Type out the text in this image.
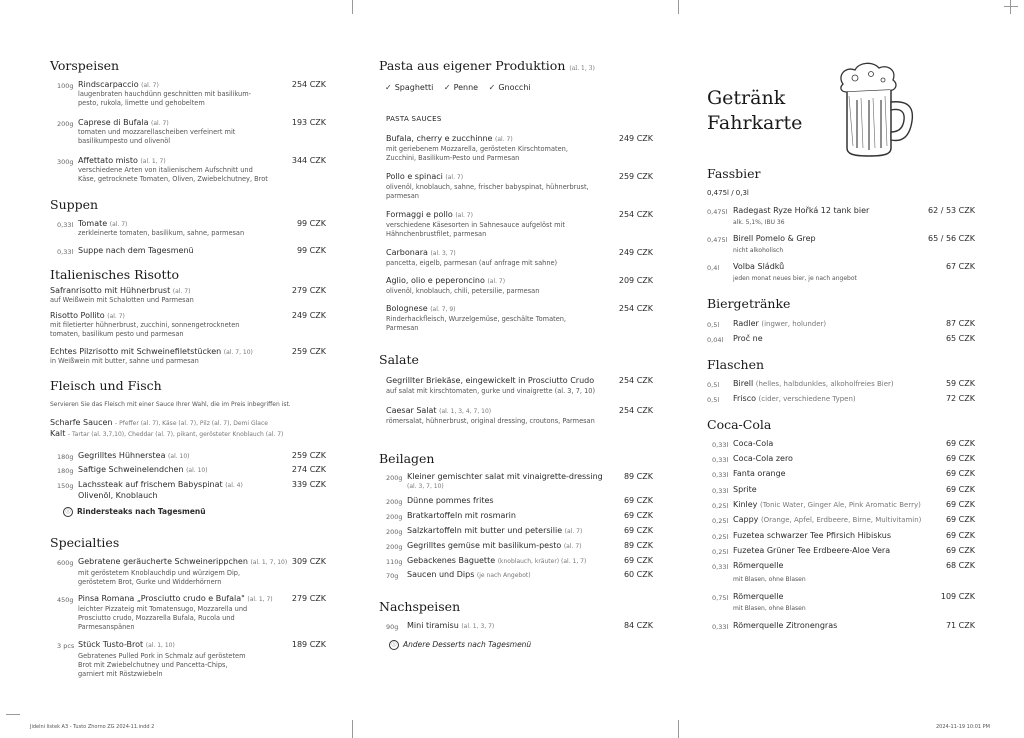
Vorspeisen
100g Rindscarpaccio (al. 7)	254 CZK
laugenbraten hauchdünn geschnitten mit basilikum-
pesto, rukola, limette und gehobeltem
200g Caprese di Bufala (al. 7)	193 CZK
tomaten und mozzarellascheiben verfeinert mit
basilikumpesto und olivenöl
300g Affettato misto (al. 1, 7)	344 CZK
verschiedene Arten von italienischem Aufschnitt und
Käse, getrocknete Tomaten, Oliven, Zwiebelchutney, Brot
Suppen
0,33l Tomate (al. 7)	99 CZK
zerkleinerte tomaten, basilikum, sahne, parmesan
0,33l Suppe nach dem Tagesmenü	99 CZK
Italienisches Risotto
Safranrisotto mit Hühnerbrust (al. 7)	279 CZK
auf Weißwein mit Schalotten und Parmesan
Risotto Pollito (al. 7)	249 CZK
mit filetierter hühnerbrust, zucchini, sonnengetrockneten
tomaten, basilikum pesto und parmesan
Echtes Pilzrisotto mit Schweinefiletstücken (al. 7, 10)	259 CZK
in Weißwein mit butter, sahne und parmesan
Fleisch und Fisch
Servieren Sie das Fleisch mit einer Sauce Ihrer Wahl, die im Preis inbegriffen ist.
Scharfe Saucen - Pfeffer (al. 7), Käse (al. 7), Pilz (al. 7), Demi Glace
Kalt - Tartar (al. 3,7,10), Cheddar (al. 7), pikant, gerösteter Knoblauch (al. 7)
180g Gegrilltes Hühnerstea (al. 10)	259 CZK
180g Saftige Schweinelendchen (al. 10)	274 CZK
150g Lachssteak auf frischem Babyspinat (al. 4)	339 CZK
Olivenöl, Knoblauch
ⓘ Rindersteaks nach Tagesmenü
Specialties
600g Gebratene geräucherte Schweinerippchen (al. 1, 7, 10) 309 CZK
mit geröstetem Knoblauchdip und würzigem Dip,
geröstetem Brot, Gurke und Widderhörnern
450g Pinsa Romana „Prosciutto crudo e Bufala" (al. 1, 7) 279 CZK
leichter Pizzateig mit Tomatensugo, Mozzarella und
Prosciutto crudo, Mozzarella Bufala, Rucola und
Parmesanspänen
3 pcs Stück Tusto-Brot (al. 1, 10)	189 CZK
Gebratenes Pulled Pork in Schmalz auf geröstetem
Brot mit Zwiebelchutney und Pancetta-Chips,
garniert mit Röstzwiebeln
Pasta aus eigener Produktion (al. 1, 3)
✓ Spaghetti ✓ Penne ✓ Gnocchi
PASTA SAUCES
Bufala, cherry e zucchinne (al. 7)	249 CZK
mit geriebenem Mozzarella, gerösteten Kirschtomaten,
Zucchini, Basilikum-Pesto und Parmesan
Pollo e spinaci (al. 7)	259 CZK
olivenöl, knoblauch, sahne, frischer babyspinat, hühnerbrust,
parmesan
Formaggi e pollo (al. 7)	254 CZK
verschiedene Käsesorten in Sahnesauce aufgelöst mit
Hähnchenbrustfilet, parmesan
Carbonara (al. 3, 7)	249 CZK
pancetta, eigelb, parmesan (auf anfrage mit sahne)
Aglio, olio e peperoncino (al. 7)	209 CZK
olivenöl, knoblauch, chili, petersilie, parmesan
Bolognese (al. 7, 9)	254 CZK
Rinderhackfleisch, Wurzelgemüse, geschälte Tomaten,
Parmesan
Salate
Gegrillter Briekäse, eingewickelt in Prosciutto Crudo	254 CZK
auf salat mit kirschtomaten, gurke und vinaigrette (al. 3, 7, 10)
Caesar Salat (al. 1, 3, 4, 7, 10)	254 CZK
römersalat, hühnerbrust, original dressing, croutons, Parmesan
Beilagen
200g Kleiner gemischter salat mit vinaigrette-dressing	89 CZK
(al. 3, 7, 10)
200g Dünne pommes frites	69 CZK
200g Bratkartoffeln mit rosmarin	69 CZK
200g Salzkartoffeln mit butter und petersilie (al. 7)	69 CZK
200g Gegrilltes gemüse mit basilikum-pesto (al. 7)	89 CZK
110g Gebackenes Baguette (knoblauch, kräuter) (al. 1, 7)	69 CZK
70g Saucen und Dips (je nach Angebot)	60 CZK
Nachspeisen
90g Mini tiramisu (al. 1, 3, 7)	84 CZK
ⓘ Andere Desserts nach Tagesmenü
Getränk
Fahrkarte
Fassbier
0,475l / 0,3l
0,475l Radegast Ryze Hořká 12 tank bier	62 / 53 CZK
alk. 5,1%, IBU 36
0,475l Birell Pomelo & Grep	65 / 56 CZK
nicht alkoholisch
0,4l Volba Sládků	67 CZK
jeden monat neues bier, je nach angebot
Biergetränke
0,5l Radler (ingwer, holunder)	87 CZK
0,04l Proč ne	65 CZK
Flaschen
0,5l Birell (helles, halbdunkles, alkoholfreies Bier)	59 CZK
0,5l Frisco (cider, verschiedene Typen)	72 CZK
Coca-Cola
0,33l Coca-Cola	69 CZK
0,33l Coca-Cola zero	69 CZK
0,33l Fanta orange	69 CZK
0,33l Sprite	69 CZK
0,25l Kinley (Tonic Water, Ginger Ale, Pink Aromatic Berry)	69 CZK
0,25l Cappy (Orange, Apfel, Erdbeere, Birne, Multivitamin)	69 CZK
0,25l Fuzetea schwarzer Tee Pfirsich Hibiskus	69 CZK
0,25l Fuzetea Grüner Tee Erdbeere-Aloe Vera	69 CZK
0,33l Römerquelle	68 CZK
mit Blasen, ohne Blasen
0,75l Römerquelle	109 CZK
mit Blasen, ohne Blasen
0,33l Römerquelle Zitronengras	71 CZK
Jidelni listek A3 - Tusto Zhorno ZG 2024-11.indd 2	2024-11-19 10:01 PM
